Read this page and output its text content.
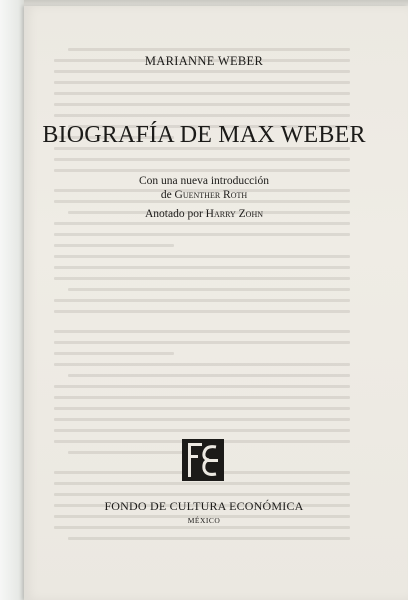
MARIANNE WEBER
BIOGRAFÍA DE MAX WEBER
Con una nueva introducción
de Guenther Roth
Anotado por Harry Zohn
FONDO DE CULTURA ECONÓMICA
MÉXICO
